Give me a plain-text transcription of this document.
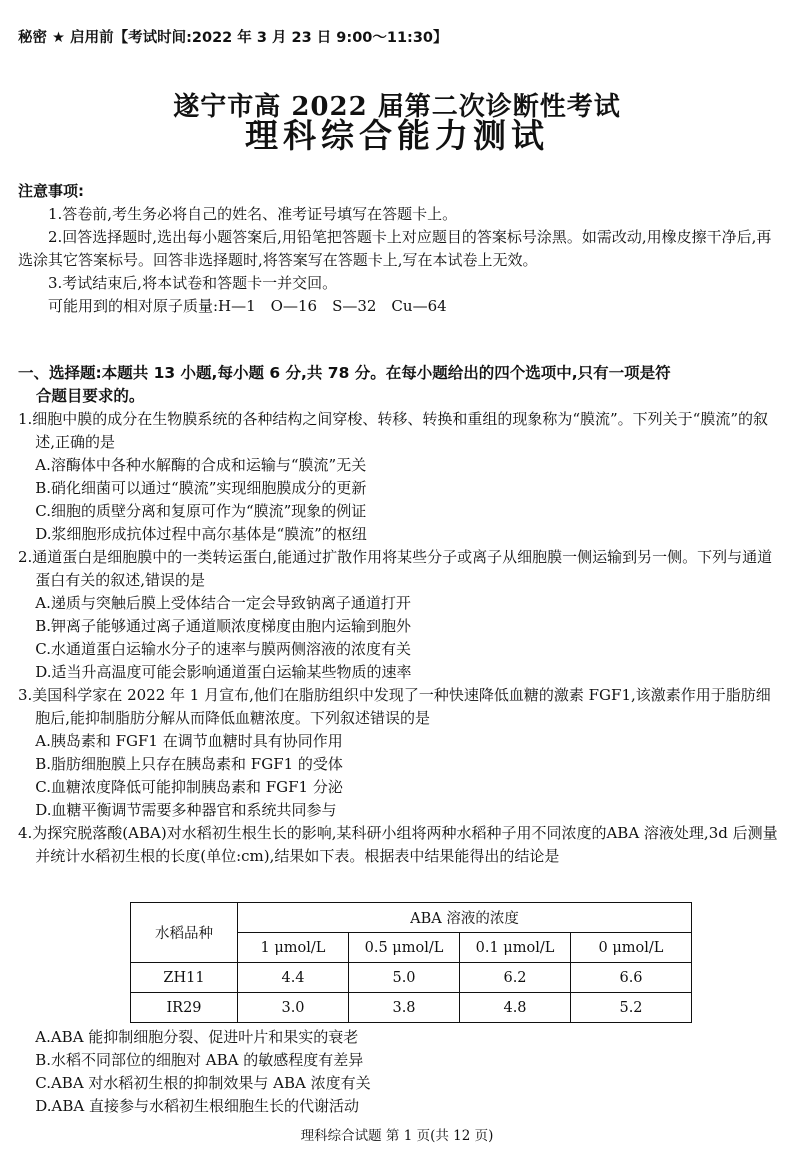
秘密 ★ 启用前【考试时间:2022 年 3 月 23 日 9:00～11:30】
遂宁市高 2022 届第二次诊断性考试
理科综合能力测试
注意事项:
1.答卷前,考生务必将自己的姓名、准考证号填写在答题卡上。
2.回答选择题时,选出每小题答案后,用铅笔把答题卡上对应题目的答案标号涂黑。如需改动,用橡皮擦干净后,再选涂其它答案标号。回答非选择题时,将答案写在答题卡上,写在本试卷上无效。
3.考试结束后,将本试卷和答题卡一并交回。
可能用到的相对原子质量:H—1　O—16　S—32　Cu—64
一、选择题:本题共 13 小题,每小题 6 分,共 78 分。在每小题给出的四个选项中,只有一项是符
合题目要求的。
1.细胞中膜的成分在生物膜系统的各种结构之间穿梭、转移、转换和重组的现象称为“膜流”。下列关于“膜流”的叙述,正确的是
A.溶酶体中各种水解酶的合成和运输与“膜流”无关
B.硝化细菌可以通过“膜流”实现细胞膜成分的更新
C.细胞的质壁分离和复原可作为“膜流”现象的例证
D.浆细胞形成抗体过程中高尔基体是“膜流”的枢纽
2.通道蛋白是细胞膜中的一类转运蛋白,能通过扩散作用将某些分子或离子从细胞膜一侧运输到另一侧。下列与通道蛋白有关的叙述,错误的是
A.递质与突触后膜上受体结合一定会导致钠离子通道打开
B.钾离子能够通过离子通道顺浓度梯度由胞内运输到胞外
C.水通道蛋白运输水分子的速率与膜两侧溶液的浓度有关
D.适当升高温度可能会影响通道蛋白运输某些物质的速率
3.美国科学家在 2022 年 1 月宣布,他们在脂肪组织中发现了一种快速降低血糖的激素 FGF1,该激素作用于脂肪细胞后,能抑制脂肪分解从而降低血糖浓度。下列叙述错误的是
A.胰岛素和 FGF1 在调节血糖时具有协同作用
B.脂肪细胞膜上只存在胰岛素和 FGF1 的受体
C.血糖浓度降低可能抑制胰岛素和 FGF1 分泌
D.血糖平衡调节需要多种器官和系统共同参与
4.为探究脱落酸(ABA)对水稻初生根生长的影响,某科研小组将两种水稻种子用不同浓度的ABA 溶液处理,3d 后测量并统计水稻初生根的长度(单位:cm),结果如下表。根据表中结果能得出的结论是
水稻品种	ABA 溶液的浓度			
	1 μmol/L	0.5 μmol/L	0.1 μmol/L	0 μmol/L
ZH11	4.4	5.0	6.2	6.6
IR29	3.0	3.8	4.8	5.2
A.ABA 能抑制细胞分裂、促进叶片和果实的衰老
B.水稻不同部位的细胞对 ABA 的敏感程度有差异
C.ABA 对水稻初生根的抑制效果与 ABA 浓度有关
D.ABA 直接参与水稻初生根细胞生长的代谢活动
理科综合试题 第 1 页(共 12 页)
